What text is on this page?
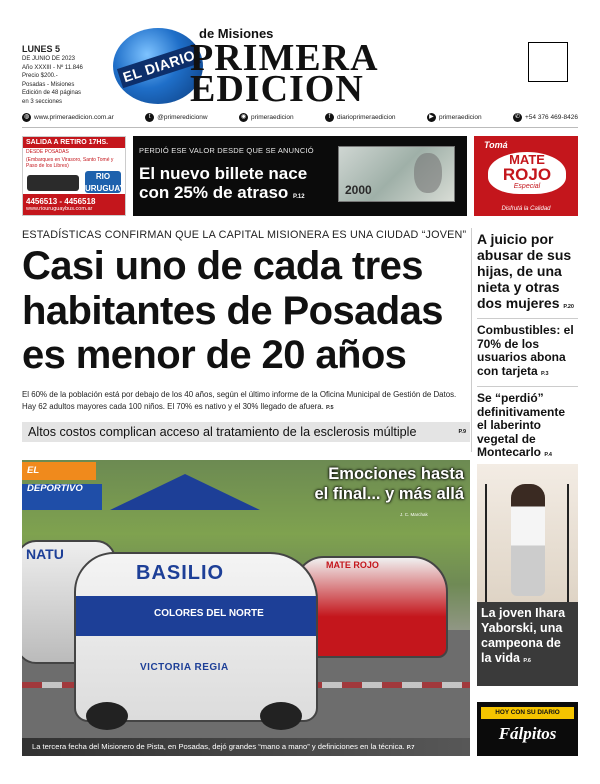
LUNES 5
DE JUNIO DE 2023
Año XXXIII - Nº 11.846
Precio $200.-
Posadas - Misiones
Edición de 48 páginas
en 3 secciones
EL DIARIO
de Misiones
PRIMERA
EDICION
◍ www.primeraedicion.com.ar	t	@primeredicionw	◉ primeraedicion	f	diarioprimeraedicion	▶ primeraedicion	✆ +54 376 469-8426
SALIDA A RETIRO 17HS.
DESDE POSADAS
(Embarques en Virasoro, Santo Tomé y Paso de los Libres)
RIO URUGUAY
4456513 - 4456518
www.riouruguaybus.com.ar
PERDIÓ ESE VALOR DESDE QUE SE ANUNCIÓ
El nuevo billete nace
con 25% de atraso P.12	2000
Tomá
MATE
ROJO
Especial
Disfrutá la Calidad
ESTADÍSTICAS CONFIRMAN QUE LA CAPITAL MISIONERA ES UNA CIUDAD “JOVEN”
Casi uno de cada tres
habitantes de Posadas
es menor de 20 años
El 60% de la población está por debajo de los 40 años, según el último informe de la Oficina Municipal de Gestión de Datos. Hay 62 adultos mayores cada 100 niños. El 70% es nativo y el 30% llegado de afuera. P.5
Altos costos complican acceso al tratamiento de la esclerosis múltiple	P.9
A juicio por abusar de sus hijas, de una nieta y otras dos mujeres P.20
Combustibles: el 70% de los usuarios abona con tarjeta P.3
Se “perdió” definitivamente el laberinto vegetal de Montecarlo P.4
NATU
MATE ROJO
BASILIO
COLORES DEL NORTE
VICTORIA REGIA
EL DEPORTIVO
Emociones hasta
el final... y más allá
J. C. Marchak
La tercera fecha del Misionero de Pista, en Posadas, dejó grandes “mano a mano” y definiciones en la técnica. P.7
La joven Ihara Yaborski, una campeona de la vida P.6
HOY CON SU DIARIO
Fálpitos
